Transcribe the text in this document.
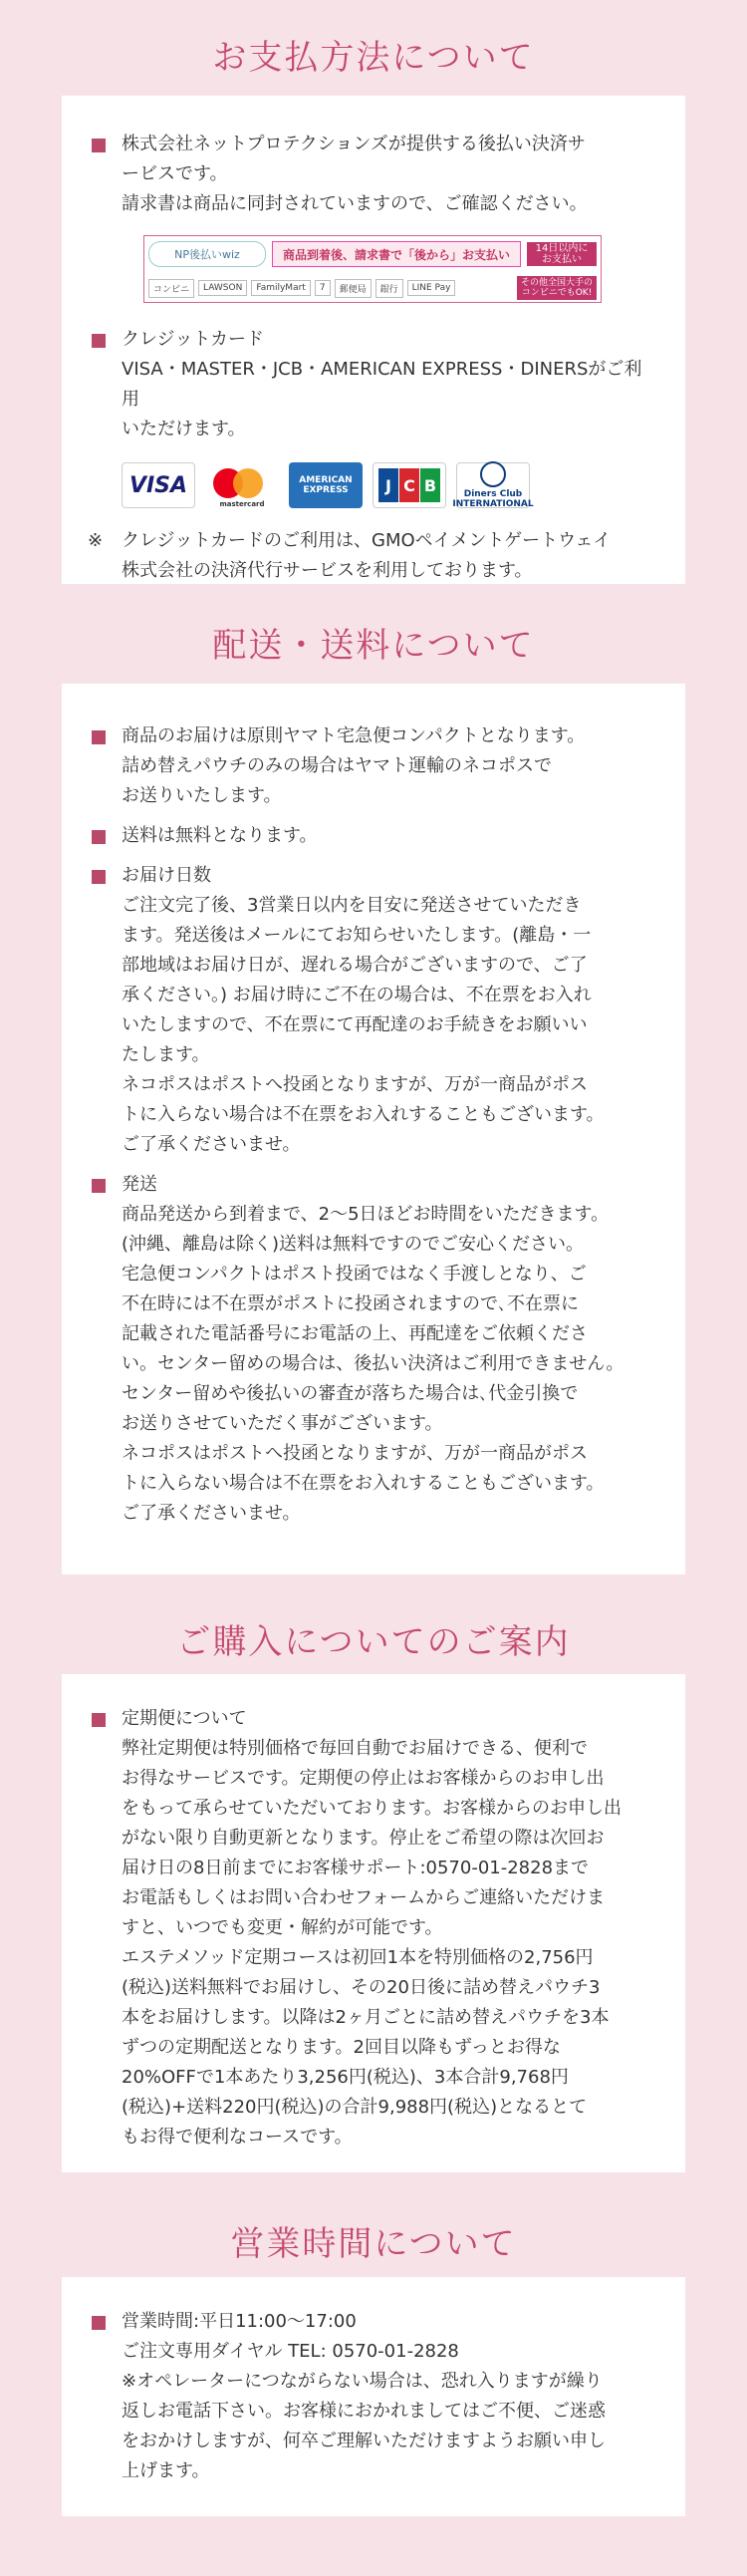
お支払方法について

株式会社ネットプロテクションズが提供する後払い決済サ
ービスです。
請求書は商品に同封されていますので、ご確認ください。

NP後払いwiz	商品到着後、請求書で「後から」お支払い	14日以内に
お支払い
コンビニ	LAWSON	FamilyMart	7	郵便局	銀行	LINE Pay	その他全国大手の
コンビニでもOK!

クレジットカード
VISA・MASTER・JCB・AMERICAN EXPRESS・DINERSがご利用
いただけます。

VISA
mastercard
AMERICAN
EXPRESS	J C B	Diners Club
INTERNATIONAL
※ クレジットカードのご利用は、GMOペイメントゲートウェイ
株式会社の決済代行サービスを利用しております。

配送・送料について

商品のお届けは原則ヤマト宅急便コンパクトとなります。
詰め替えパウチのみの場合はヤマト運輸のネコポスで
お送りいたします。

送料は無料となります。

お届け日数
ご注文完了後、3営業日以内を目安に発送させていただき
ます。発送後はメールにてお知らせいたします。(離島・一
部地域はお届け日が、遅れる場合がございますので、ご了
承ください。) お届け時にご不在の場合は、不在票をお入れ
いたしますので、不在票にて再配達のお手続きをお願いい
たします。
ネコポスはポストへ投函となりますが、万が一商品がポス
トに入らない場合は不在票をお入れすることもございます。
ご了承くださいませ。

発送
商品発送から到着まで、2〜5日ほどお時間をいただきます。
(沖縄、離島は除く)送料は無料ですのでご安心ください。
宅急便コンパクトはポスト投函ではなく手渡しとなり、ご
不在時には不在票がポストに投函されますので､不在票に
記載された電話番号にお電話の上、再配達をご依頼くださ
い。センター留めの場合は、後払い決済はご利用できません。
センター留めや後払いの審査が落ちた場合は､代金引換で
お送りさせていただく事がございます。
ネコポスはポストへ投函となりますが、万が一商品がポス
トに入らない場合は不在票をお入れすることもございます。
ご了承くださいませ。

ご購入についてのご案内

定期便について
弊社定期便は特別価格で毎回自動でお届けできる、便利で
お得なサービスです。定期便の停止はお客様からのお申し出
をもって承らせていただいております。お客様からのお申し出
がない限り自動更新となります。停止をご希望の際は次回お
届け日の8日前までにお客様サポート:0570-01-2828まで
お電話もしくはお問い合わせフォームからご連絡いただけま
すと、いつでも変更・解約が可能です。
エステメソッド定期コースは初回1本を特別価格の2,756円
(税込)送料無料でお届けし、その20日後に詰め替えパウチ3
本をお届けします。以降は2ヶ月ごとに詰め替えパウチを3本
ずつの定期配送となります。2回目以降もずっとお得な
20%OFFで1本あたり3,256円(税込)、3本合計9,768円
(税込)+送料220円(税込)の合計9,988円(税込)となるとて
もお得で便利なコースです。

営業時間について

営業時間:平日11:00〜17:00
ご注文専用ダイヤル TEL: 0570-01-2828
※オペレーターにつながらない場合は、恐れ入りますが繰り
返しお電話下さい。お客様におかれましてはご不便、ご迷惑
をおかけしますが、何卒ご理解いただけますようお願い申し
上げます。
